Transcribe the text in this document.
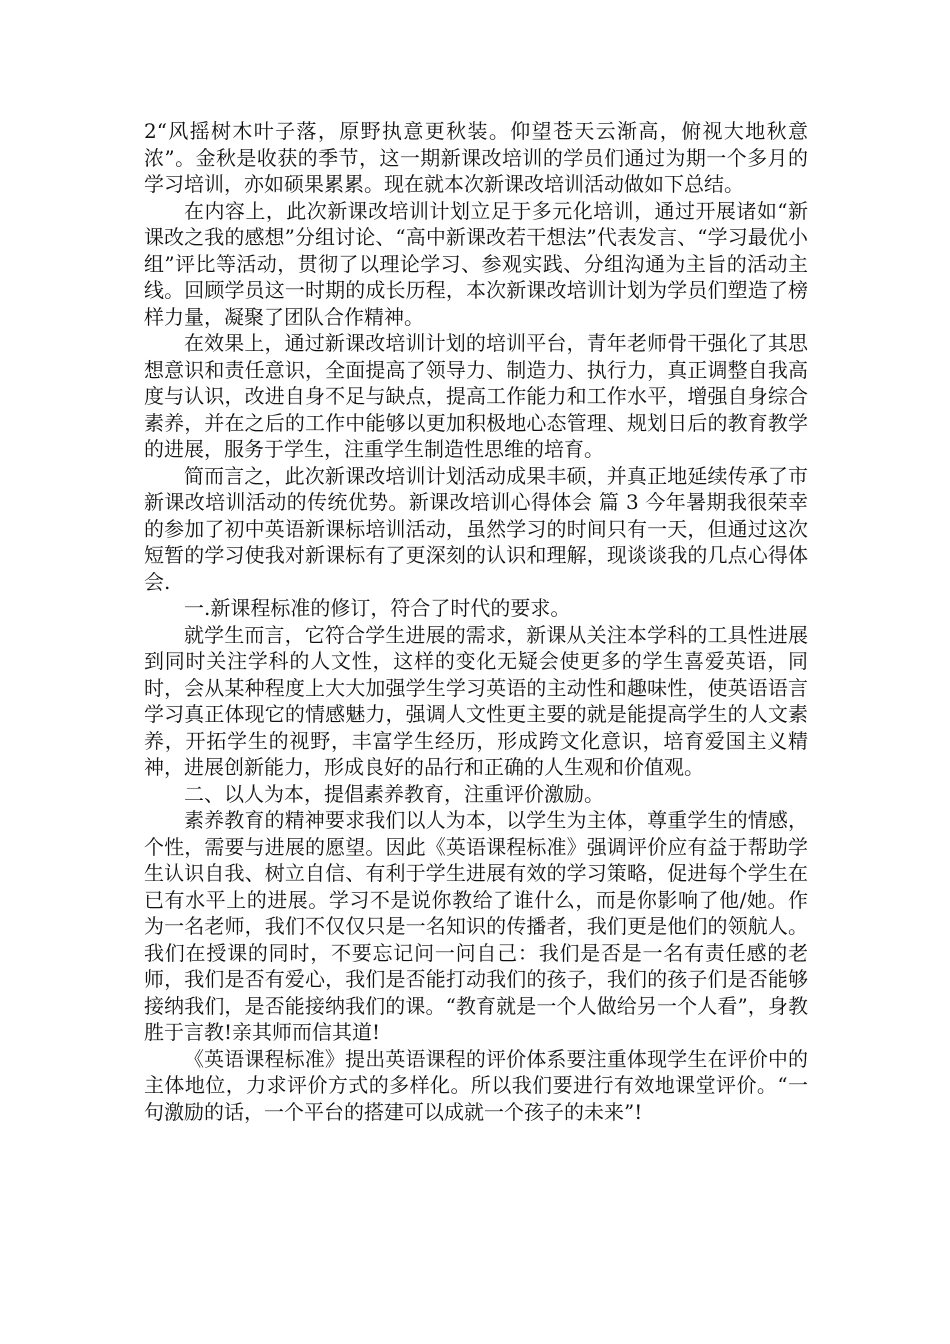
2“风摇树木叶子落，原野执意更秋装。仰望苍天云渐高，俯视大地秋意浓”。金秋是收获的季节，这一期新课改培训的学员们通过为期一个多月的学习培训，亦如硕果累累。现在就本次新课改培训活动做如下总结。

在内容上，此次新课改培训计划立足于多元化培训，通过开展诸如“新课改之我的感想”分组讨论、“高中新课改若干想法”代表发言、“学习最优小组”评比等活动，贯彻了以理论学习、参观实践、分组沟通为主旨的活动主线。回顾学员这一时期的成长历程，本次新课改培训计划为学员们塑造了榜样力量，凝聚了团队合作精神。

在效果上，通过新课改培训计划的培训平台，青年老师骨干强化了其思想意识和责任意识，全面提高了领导力、制造力、执行力，真正调整自我高度与认识，改进自身不足与缺点，提高工作能力和工作水平，增强自身综合素养，并在之后的工作中能够以更加积极地心态管理、规划日后的教育教学的进展，服务于学生，注重学生制造性思维的培育。

简而言之，此次新课改培训计划活动成果丰硕，并真正地延续传承了市新课改培训活动的传统优势。新课改培训心得体会 篇 3 今年暑期我很荣幸的参加了初中英语新课标培训活动，虽然学习的时间只有一天，但通过这次短暂的学习使我对新课标有了更深刻的认识和理解，现谈谈我的几点心得体会.

一.新课程标准的修订，符合了时代的要求。

就学生而言，它符合学生进展的需求，新课从关注本学科的工具性进展到同时关注学科的人文性，这样的变化无疑会使更多的学生喜爱英语，同时，会从某种程度上大大加强学生学习英语的主动性和趣味性，使英语语言学习真正体现它的情感魅力，强调人文性更主要的就是能提高学生的人文素养，开拓学生的视野，丰富学生经历，形成跨文化意识，培育爱国主义精神，进展创新能力，形成良好的品行和正确的人生观和价值观。

二、以人为本，提倡素养教育，注重评价激励。

素养教育的精神要求我们以人为本，以学生为主体，尊重学生的情感，个性，需要与进展的愿望。因此《英语课程标准》强调评价应有益于帮助学生认识自我、树立自信、有利于学生进展有效的学习策略，促进每个学生在已有水平上的进展。学习不是说你教给了谁什么，而是你影响了他/她。作为一名老师，我们不仅仅只是一名知识的传播者，我们更是他们的领航人。我们在授课的同时，不要忘记问一问自己：我们是否是一名有责任感的老师，我们是否有爱心，我们是否能打动我们的孩子，我们的孩子们是否能够接纳我们，是否能接纳我们的课。“教育就是一个人做给另一个人看”，身教胜于言教!亲其师而信其道!

《英语课程标准》提出英语课程的评价体系要注重体现学生在评价中的主体地位，力求评价方式的多样化。所以我们要进行有效地课堂评价。“一句激励的话，一个平台的搭建可以成就一个孩子的未来”!
